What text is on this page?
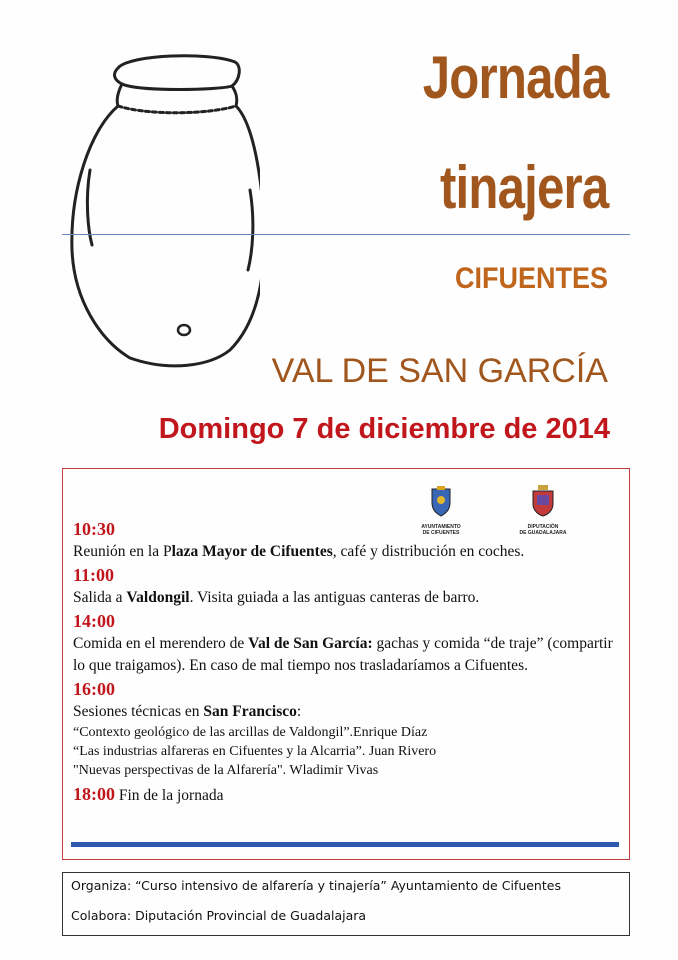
Jornada
tinajera
CIFUENTES
VAL DE SAN GARCÍA
Domingo 7 de diciembre de 2014
AYUNTAMIENTO
DE CIFUENTES
DIPUTACIÓN
DE GUADALAJARA
10:30
Reunión en la Plaza Mayor de Cifuentes, café y distribución en coches.
11:00
Salida a Valdongil. Visita guiada a las antiguas canteras de barro.
14:00
Comida en el merendero de Val de San García: gachas y comida “de traje” (compartir lo que traigamos). En caso de mal tiempo nos trasladaríamos a Cifuentes.
16:00
Sesiones técnicas en San Francisco:
“Contexto geológico de las arcillas de Valdongil”.Enrique Díaz
“Las industrias alfareras en Cifuentes y la Alcarria”. Juan Rivero
"Nuevas perspectivas de la Alfarería". Wladimir Vivas
18:00 Fin de la jornada
Organiza: “Curso intensivo de alfarería y tinajería” Ayuntamiento de Cifuentes
Colabora: Diputación Provincial de Guadalajara
